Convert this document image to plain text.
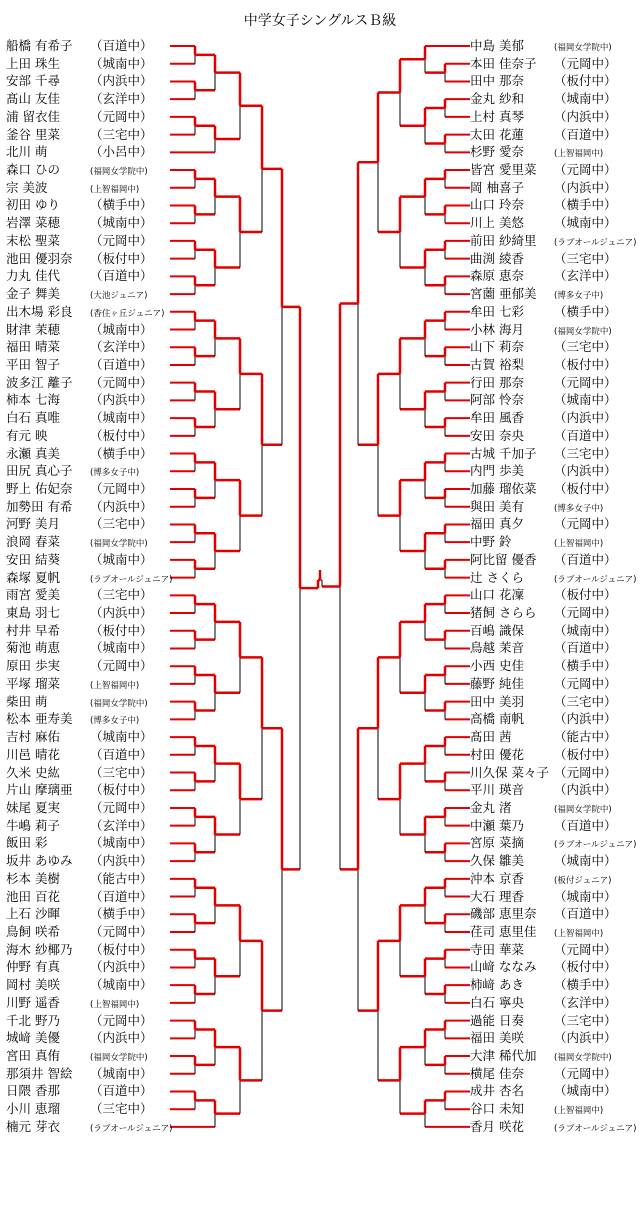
中学女子シングルスＢ級
船橋 有希子 （百道中）
上田 珠生 （城南中）
安部 千尋 （内浜中）
髙山 友佳 （玄洋中）
浦 留衣佳 （元岡中）
釜谷 里菜 （三宅中）
北川 萌	（小呂中）
森口 ひの	(福岡女学院中)
宗 美波	(上智福岡中)
初田 ゆり （横手中）
岩澤 菜穂 （城南中）
末松 聖菜 （元岡中）
池田 優羽奈 （板付中）
力丸 佳代 （百道中）
金子 舞美	(大池ジュニア)
出木場 彩良 (香住ヶ丘ジュニア)
財津 茉穂 （城南中）
福田 晴菜 （玄洋中）
平田 智子 （百道中）
波多江 離子 （元岡中）
柿本 七海 （内浜中）
白石 真唯 （城南中）
有元 映	（板付中）
永瀬 真美 （横手中）
田尻 真心子 (博多女子中)
野上 佑妃奈 （元岡中）
加勢田 有希 （内浜中）
河野 美月 （三宅中）
浪岡 春菜	(福岡女学院中)
安田 結葵 （城南中）
森塚 夏帆	(ラブオールジュニア)
雨宮 愛美 （三宅中）
東島 羽七 （内浜中）
村井 早希 （板付中）
菊池 萌恵 （城南中）
原田 歩実 （元岡中）
平塚 瑠菜	(上智福岡中)
柴田 萌	(福岡女学院中)
松本 亜寿美 (博多女子中)
吉村 麻佑 （城南中）
川邑 晴花 （百道中）
久米 史紘 （三宅中）
片山 摩璃亜 （板付中）
妹尾 夏実 （元岡中）
牛嶋 莉子 （玄洋中）
飯田 彩	（城南中）
坂井 あゆみ （内浜中）
杉本 美樹 （能古中）
池田 百花 （百道中）
上石 沙暉 （横手中）
鳥飼 咲希 （元岡中）
海木 紗椰乃 （板付中）
仲野 有真 （内浜中）
岡村 美咲 （城南中）
川野 遥香	(上智福岡中)
千北 野乃 （元岡中）
城﨑 美優 （内浜中）
宮田 真侑	(福岡女学院中)
那須井 智絵 （城南中）
日隈 香那 （百道中）
小川 恵瑠 （三宅中）
楠元 芽衣	(ラブオールジュニア)
中島 美郁	(福岡女学院中)
本田 佳奈子 （元岡中）
田中 那奈 （板付中）
金丸 紗和 （城南中）
上村 真琴 （内浜中）
太田 花蓮 （百道中）
杉野 愛奈	(上智福岡中)
皆宮 愛里菜 （元岡中）
岡 柚喜子 （内浜中）
山口 玲奈 （横手中）
川上 美悠 （城南中）
前田 紗綺里 (ラブオールジュニア)
曲渕 綾香 （三宅中）
森原 恵奈 （玄洋中）
宮薗 亜郁美 (博多女子中)
牟田 七彩 （横手中）
小林 海月	(福岡女学院中)
山下 莉奈 （三宅中）
古賀 裕梨 （板付中）
行田 那奈 （元岡中）
阿部 怜奈 （城南中）
牟田 風香 （内浜中）
安田 奈央 （百道中）
古城 千加子 （三宅中）
内門 歩美 （内浜中）
加藤 瑠依菜 （板付中）
與田 美有	(博多女子中)
福田 真夕 （元岡中）
中野 鈴	(上智福岡中)
阿比留 優香 （百道中）
辻 さくら	(ラブオールジュニア)
山口 花凜 （板付中）
猪飼 さらら （元岡中）
百嶋 識保 （城南中）
鳥越 茉音 （百道中）
小西 史佳 （横手中）
藤野 純佳 （元岡中）
田中 美羽 （三宅中）
高橋 南帆 （内浜中）
髙田 茜	（能古中）
村田 優花 （板付中）
川久保 菜々子 （元岡中）
平川 瑛音 （内浜中）
金丸 渚	(福岡女学院中)
中瀬 葉乃 （百道中）
宮原 菜摘	(ラブオールジュニア)
久保 雛美 （城南中）
沖本 京香	(板付ジュニア)
大石 理香 （城南中）
磯部 恵里奈 （百道中）
荏司 恵里佳 (上智福岡中)
寺田 華菜 （元岡中）
山﨑 ななみ （板付中）
柿﨑 あき （横手中）
白石 寧央 （玄洋中）
過能 日奏 （三宅中）
福田 美咲 （内浜中）
大津 稀代加 (福岡女学院中)
横尾 佳奈 （元岡中）
成井 杏名 （城南中）
谷口 未知	(上智福岡中)
香月 咲花	(ラブオールジュニア)
